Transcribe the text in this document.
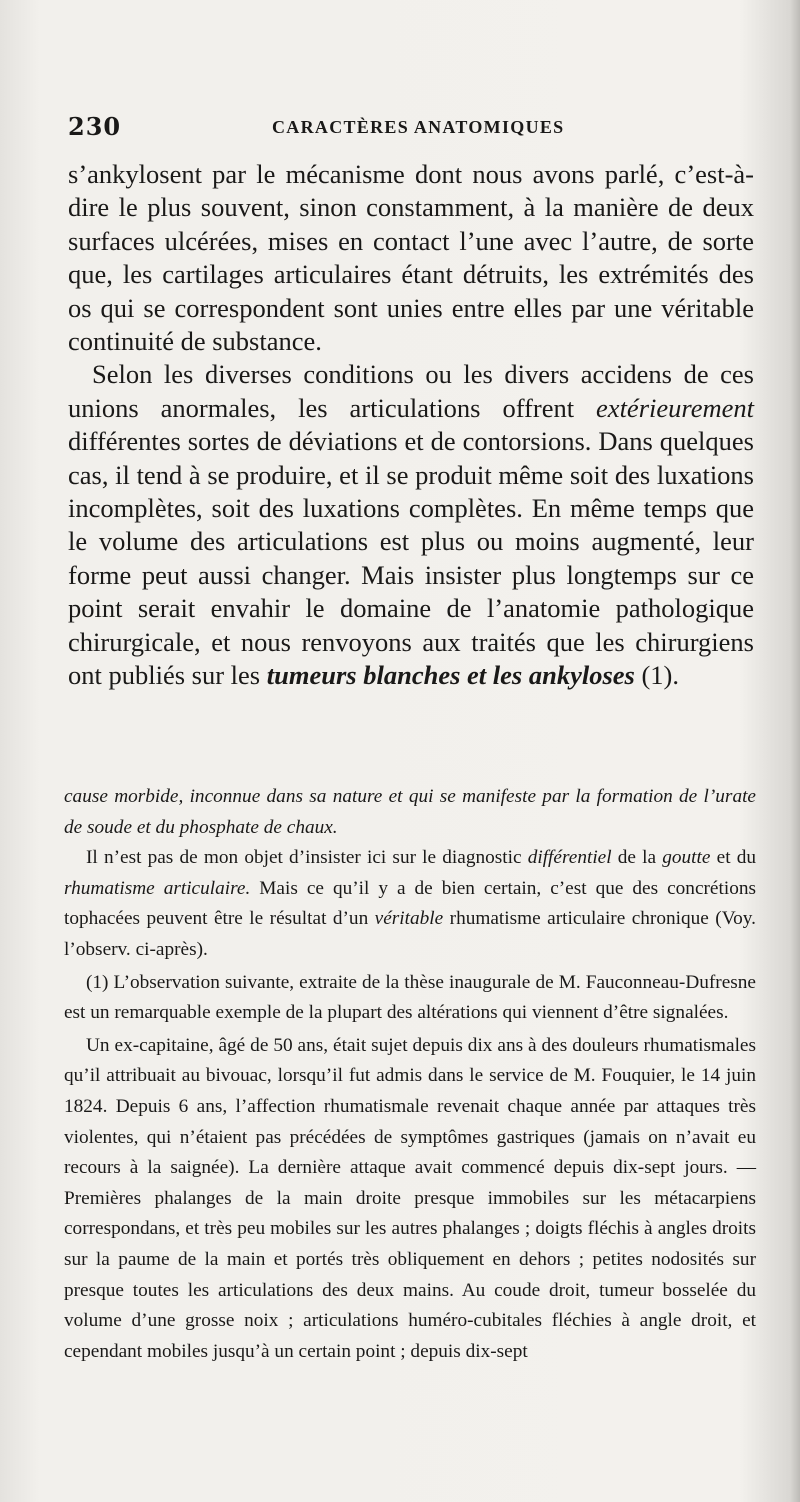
230	CARACTÈRES ANATOMIQUES

s’ankylosent par le mécanisme dont nous avons parlé, c’est-à-dire le plus souvent, sinon constamment, à la manière de deux surfaces ulcérées, mises en contact l’une avec l’autre, de sorte que, les cartilages articulaires étant détruits, les extrémités des os qui se correspondent sont unies entre elles par une véritable continuité de substance.

Selon les diverses conditions ou les divers accidens de ces unions anormales, les articulations offrent extérieurement différentes sortes de déviations et de contorsions. Dans quelques cas, il tend à se produire, et il se produit même soit des luxations incomplètes, soit des luxations complètes. En même temps que le volume des articulations est plus ou moins augmenté, leur forme peut aussi changer. Mais insister plus longtemps sur ce point serait envahir le domaine de l’anatomie pathologique chirurgicale, et nous renvoyons aux traités que les chirurgiens ont publiés sur les tumeurs blanches et les ankyloses (1).

cause morbide, inconnue dans sa nature et qui se manifeste par la formation de l’urate de soude et du phosphate de chaux.

Il n’est pas de mon objet d’insister ici sur le diagnostic différentiel de la goutte et du rhumatisme articulaire. Mais ce qu’il y a de bien certain, c’est que des concrétions tophacées peuvent être le résultat d’un véritable rhumatisme articulaire chronique (Voy. l’observ. ci-après).

(1) L’observation suivante, extraite de la thèse inaugurale de M. Fauconneau-Dufresne est un remarquable exemple de la plupart des altérations qui viennent d’être signalées.

Un ex-capitaine, âgé de 50 ans, était sujet depuis dix ans à des douleurs rhumatismales qu’il attribuait au bivouac, lorsqu’il fut admis dans le service de M. Fouquier, le 14 juin 1824. Depuis 6 ans, l’affection rhumatismale revenait chaque année par attaques très violentes, qui n’étaient pas précédées de symptômes gastriques (jamais on n’avait eu recours à la saignée). La dernière attaque avait commencé depuis dix-sept jours. —Premières phalanges de la main droite presque immobiles sur les métacarpiens correspondans, et très peu mobiles sur les autres phalanges ; doigts fléchis à angles droits sur la paume de la main et portés très obliquement en dehors ; petites nodosités sur presque toutes les articulations des deux mains. Au coude droit, tumeur bosselée du volume d’une grosse noix ; articulations huméro-cubitales fléchies à angle droit, et cependant mobiles jusqu’à un certain point ; depuis dix-sept
